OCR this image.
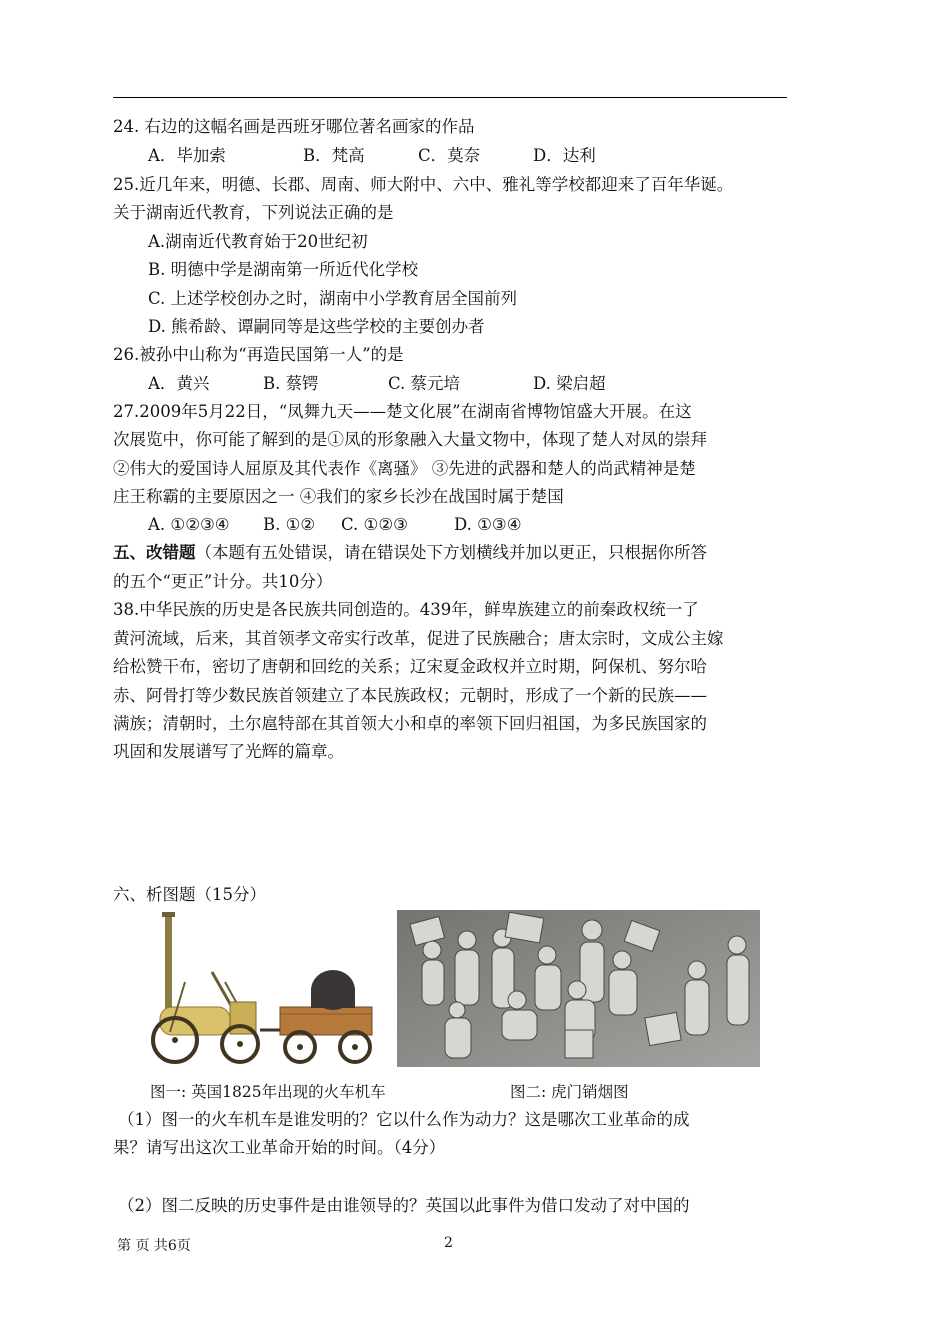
24. 右边的这幅名画是西班牙哪位著名画家的作品
A．毕加索	B．梵高	C．莫奈	D．达利
25.近几年来，明德、长郡、周南、师大附中、六中、雅礼等学校都迎来了百年华诞。
关于湖南近代教育，下列说法正确的是
A.湖南近代教育始于20世纪初
B. 明德中学是湖南第一所近代化学校
C. 上述学校创办之时，湖南中小学教育居全国前列
D. 熊希龄、谭嗣同等是这些学校的主要创办者
26.被孙中山称为“再造民国第一人”的是
A．黄兴	B. 蔡锷	C. 蔡元培	D. 梁启超
27.2009年5月22日，“凤舞九天——楚文化展”在湖南省博物馆盛大开展。在这
次展览中，你可能了解到的是①凤的形象融入大量文物中，体现了楚人对凤的崇拜
②伟大的爱国诗人屈原及其代表作《离骚》 ③先进的武器和楚人的尚武精神是楚
庄王称霸的主要原因之一 ④我们的家乡长沙在战国时属于楚国
A. ①②③④ B. ①② C. ①②③	D. ①③④
五、改错题（本题有五处错误，请在错误处下方划横线并加以更正，只根据你所答
的五个“更正”计分。共10分）
38.中华民族的历史是各民族共同创造的。439年，鲜卑族建立的前秦政权统一了
黄河流域，后来，其首领孝文帝实行改革，促进了民族融合；唐太宗时，文成公主嫁
给松赞干布，密切了唐朝和回纥的关系；辽宋夏金政权并立时期，阿保机、努尔哈
赤、阿骨打等少数民族首领建立了本民族政权；元朝时，形成了一个新的民族——
满族；清朝时，土尔扈特部在其首领大小和卓的率领下回归祖国，为多民族国家的
巩固和发展谱写了光辉的篇章。
六、析图题（15分）
图一: 英国1825年出现的火车机车	图二: 虎门销烟图
（1）图一的火车机车是谁发明的？它以什么作为动力？这是哪次工业革命的成
果？请写出这次工业革命开始的时间。（4分）
（2）图二反映的历史事件是由谁领导的？英国以此事件为借口发动了对中国的
第 页 共6页	2
